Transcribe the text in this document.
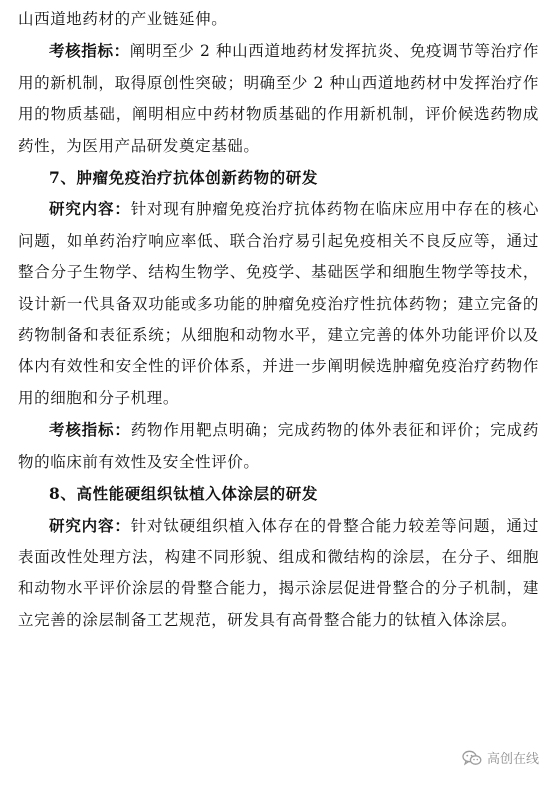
山西道地药材的产业链延伸。

考核指标：阐明至少 2 种山西道地药材发挥抗炎、免疫调节等治疗作用的新机制，取得原创性突破；明确至少 2 种山西道地药材中发挥治疗作用的物质基础，阐明相应中药材物质基础的作用新机制，评价候选药物成药性，为医用产品研发奠定基础。

7、肿瘤免疫治疗抗体创新药物的研发

研究内容：针对现有肿瘤免疫治疗抗体药物在临床应用中存在的核心问题，如单药治疗响应率低、联合治疗易引起免疫相关不良反应等，通过整合分子生物学、结构生物学、免疫学、基础医学和细胞生物学等技术，设计新一代具备双功能或多功能的肿瘤免疫治疗性抗体药物；建立完备的药物制备和表征系统；从细胞和动物水平，建立完善的体外功能评价以及体内有效性和安全性的评价体系，并进一步阐明候选肿瘤免疫治疗药物作用的细胞和分子机理。

考核指标：药物作用靶点明确；完成药物的体外表征和评价；完成药物的临床前有效性及安全性评价。

8、高性能硬组织钛植入体涂层的研发

研究内容：针对钛硬组织植入体存在的骨整合能力较差等问题，通过表面改性处理方法，构建不同形貌、组成和微结构的涂层，在分子、细胞和动物水平评价涂层的骨整合能力，揭示涂层促进骨整合的分子机制，建立完善的涂层制备工艺规范，研发具有高骨整合能力的钛植入体涂层。

高创在线
